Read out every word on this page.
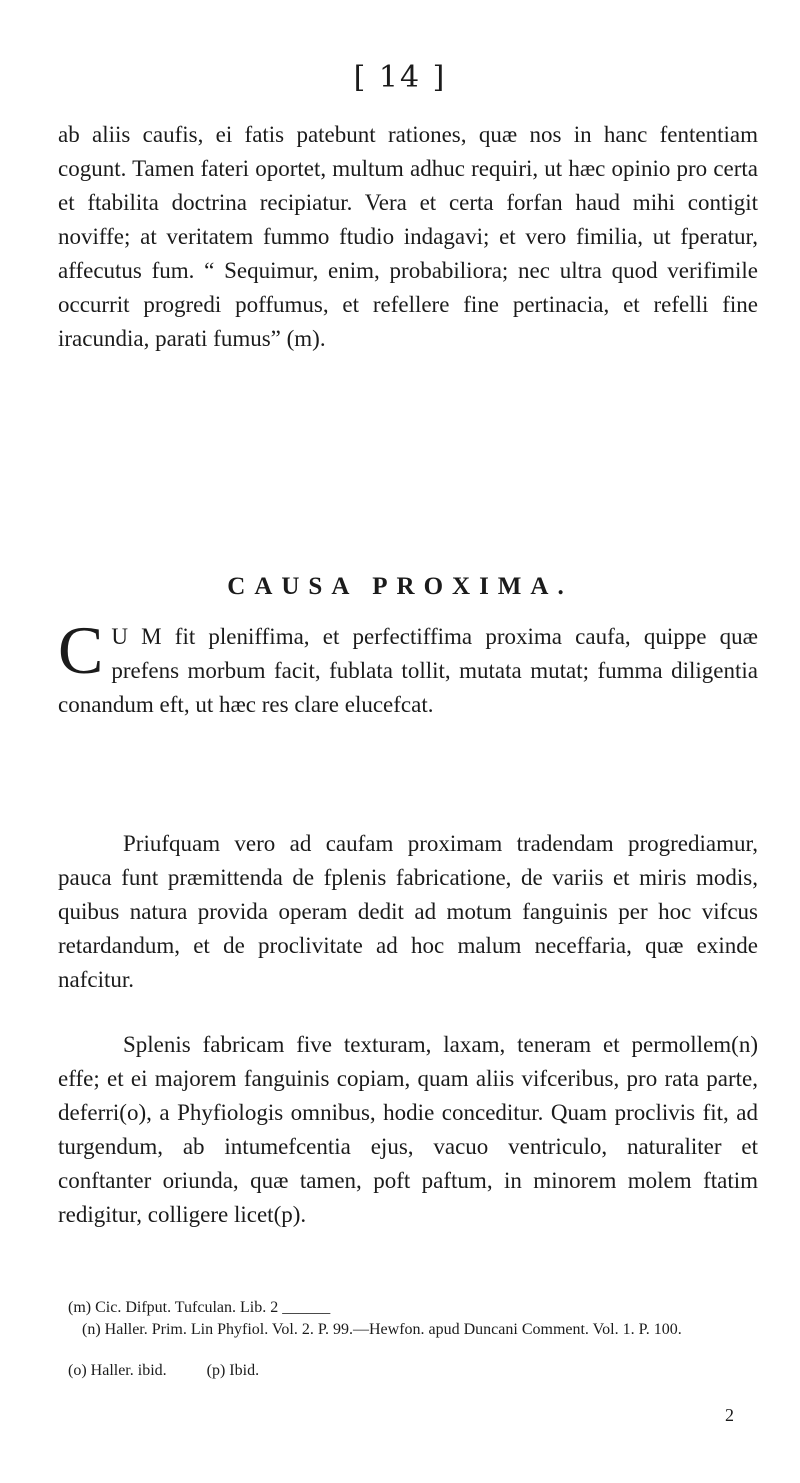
[ 14 ]
ab aliis caufis, ei fatis patebunt rationes, quæ nos in hanc fententiam cogunt. Tamen fateri oportet, multum adhuc requiri, ut hæc opinio pro certa et ftabilita doctrina recipiatur. Vera et certa forfan haud mihi contigit noviffe; at veritatem fummo ftudio indagavi; et vero fimilia, ut fperatur, affecutus fum. “ Sequimur, enim, probabiliora; nec ultra quod verifimile occurrit progredi poffumus, et refellere fine pertinacia, et refelli fine iracundia, parati fumus” (m).
CAUSA PROXIMA.
C U M fit pleniffima, et perfectiffima proxima caufa, quippe quæ prefens morbum facit, fublata tollit, mutata mutat; fumma diligentia conandum eft, ut hæc res clare elucefcat.
Priufquam vero ad caufam proximam tradendam progrediamur, pauca funt præmittenda de fplenis fabricatione, de variis et miris modis, quibus natura provida operam dedit ad motum fanguinis per hoc vifcus retardandum, et de proclivitate ad hoc malum neceffaria, quæ exinde nafcitur.
Splenis fabricam five texturam, laxam, teneram et permollem(n) effe; et ei majorem fanguinis copiam, quam aliis vifceribus, pro rata parte, deferri(o), a Phyfiologis omnibus, hodie conceditur. Quam proclivis fit, ad turgendum, ab intumefcentia ejus, vacuo ventriculo, naturaliter et conftanter oriunda, quæ tamen, poft paftum, in minorem molem ftatim redigitur, colligere licet(p).
(m) Cic. Difput. Tufculan. Lib. 2 ______
(n) Haller. Prim. Lin Phyfiol. Vol. 2. P. 99.—Hewfon. apud Duncani Comment. Vol. 1. P. 100.
(o) Haller. ibid.          (p) Ibid.
2
